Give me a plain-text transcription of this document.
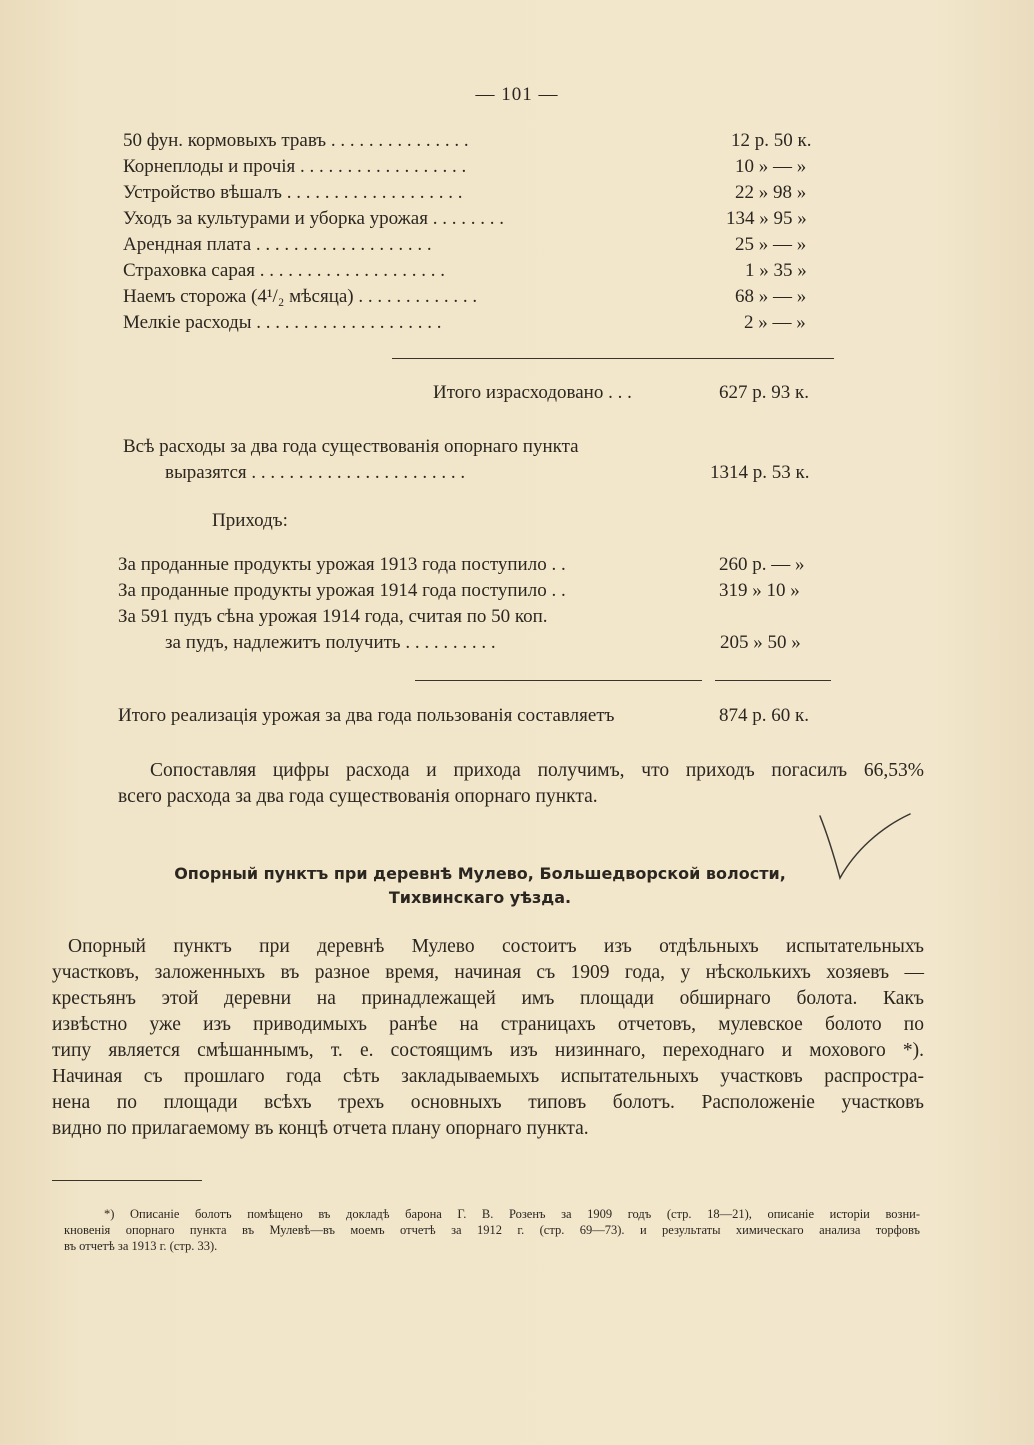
— 101 —
50 фун. кормовыхъ травъ . . . . . . . . . . . . . . .	12 р. 50 к.
Корнеплоды и прочія . . . . . . . . . . . . . . . . . .	10 » — »
Устройство вѣшалъ . . . . . . . . . . . . . . . . . . .	22 » 98 »
Уходъ за культурами и уборка урожая . . . . . . . .	134 » 95 »
Арендная плата . . . . . . . . . . . . . . . . . . .	25 » — »
Страховка сарая . . . . . . . . . . . . . . . . . . . .	1 » 35 »
Наемъ сторожа (4¹/₂ мѣсяца) . . . . . . . . . . . . .	68 » — »
Мелкіе расходы . . . . . . . . . . . . . . . . . . . .	2 » — »
Итого израсходовано . . .	627 р. 93 к.
Всѣ расходы за два года существованія опорнаго пункта
выразятся . . . . . . . . . . . . . . . . . . . . . . .	1314 р. 53 к.
Приходъ:
За проданные продукты урожая 1913 года поступило . .	260 р. — »
За проданные продукты урожая 1914 года поступило . .	319 » 10 »
За 591 пудъ сѣна урожая 1914 года, считая по 50 коп.
за пудъ, надлежитъ получить . . . . . . . . . .	205 » 50 »
Итого реализація урожая за два года пользованія составляетъ	874 р. 60 к.
Сопоставляя цифры расхода и прихода получимъ, что приходъ погасилъ 66,53%
всего расхода за два года существованія опорнаго пункта.
Опорный пунктъ при деревнѣ Мулево, Большедворской волости,
Тихвинскаго уѣзда.
Опорный пунктъ при деревнѣ Мулево состоитъ изъ отдѣльныхъ испытательныхъ
участковъ, заложенныхъ въ разное время, начиная съ 1909 года, у нѣсколькихъ хозяевъ —
крестьянъ этой деревни на принадлежащей имъ площади обширнаго болота. Какъ
извѣстно уже изъ приводимыхъ ранѣе на страницахъ отчетовъ, мулевское болото по
типу является смѣшаннымъ, т. е. состоящимъ изъ низиннаго, переходнаго и мохового *).
Начиная съ прошлаго года сѣть закладываемыхъ испытательныхъ участковъ распростра-
нена по площади всѣхъ трехъ основныхъ типовъ болотъ. Расположеніе участковъ
видно по прилагаемому въ концѣ отчета плану опорнаго пункта.
*) Описаніе болотъ помѣщено въ докладѣ барона Г. В. Розенъ за 1909 годъ (стр. 18—21), описаніе исторіи возни-
кновенія опорнаго пункта въ Мулевѣ—въ моемъ отчетѣ за 1912 г. (стр. 69—73). и результаты химическаго анализа торфовъ
въ отчетѣ за 1913 г. (стр. 33).
